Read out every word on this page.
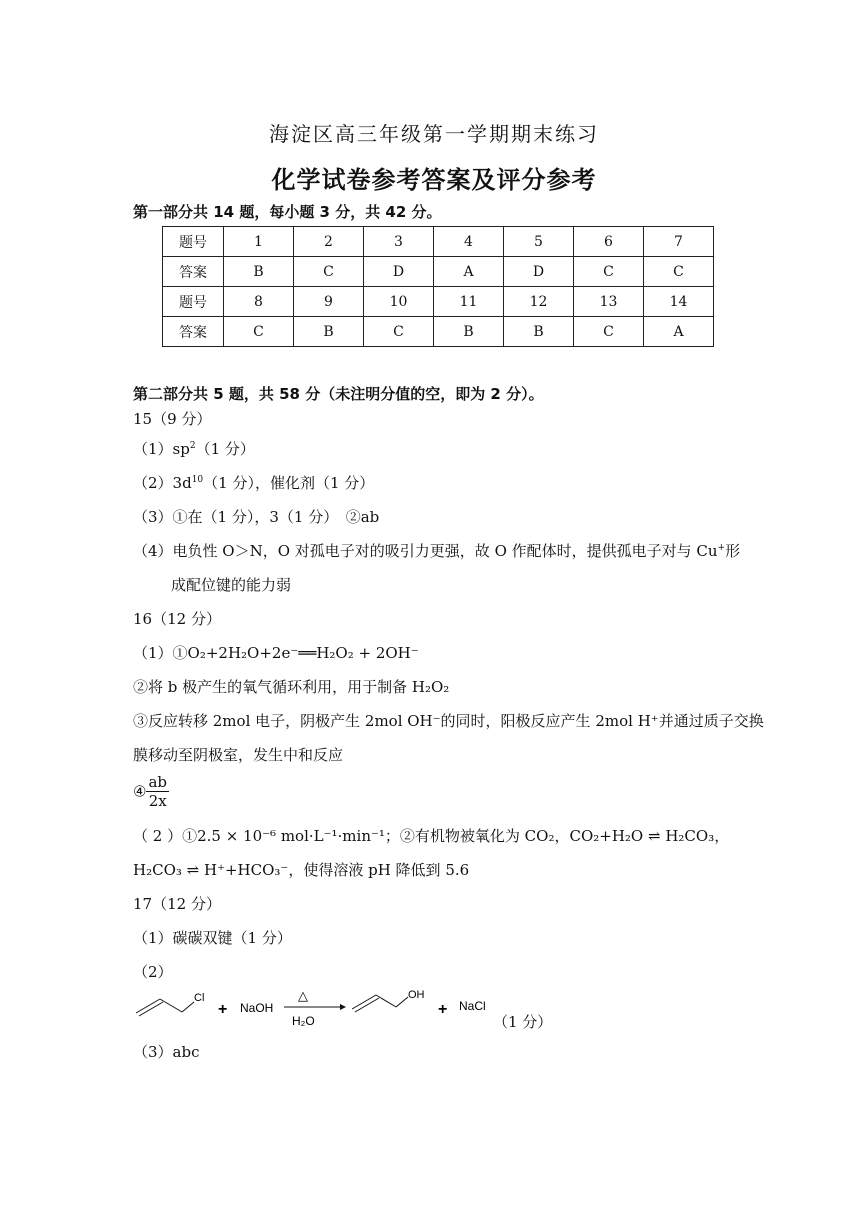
海淀区高三年级第一学期期末练习
化学试卷参考答案及评分参考
第一部分共 14 题，每小题 3 分，共 42 分。
题号	1	2	3	4	5	6	7
答案	B	C	D	A	D	C	C
题号	8	9	10	11	12	13	14
答案	C	B	C	B	B	C	A
第二部分共 5 题，共 58 分（未注明分值的空，即为 2 分）。
15（9 分）
$(1)sp^2(1$ 分）
$(2)3d^{10}(1$ 分），催化剂（1 分）
（3）①在（1 分），3（1 分）　②ab
（4）电负性 O＞N，O 对孤电子对的吸引力更强，故 O 作配体时，提供孤电子对与 Cu+形
成配位键的能力弱
16（12 分）
（1）①O₂+2H₂O+2e⁻══H₂O₂ + 2OH⁻
②将 b 极产生的氧气循环利用，用于制备 H₂O₂
③反应转移 2mol 电子，阴极产生 2mol OH⁻的同时，阳极反应产生 2mol H⁺并通过质子交换
膜移动至阴极室，发生中和反应
④ $\frac{ab}{2x}$
（ 2 ）①2.5 × 10⁻⁶ mol·L⁻¹·min⁻¹；②有机物被氧化为 CO₂，CO₂+H₂O ⇌ H₂CO₃，
H₂CO₃ ⇌ H⁺+HCO₃⁻，使得溶液 pH 降低到 5.6
17（12 分）
（1）碳碳双键（1 分）
（2）
Cl
+ NaOH
△
H₂O
OH
+ NaCl
（1 分）
（3）abc
